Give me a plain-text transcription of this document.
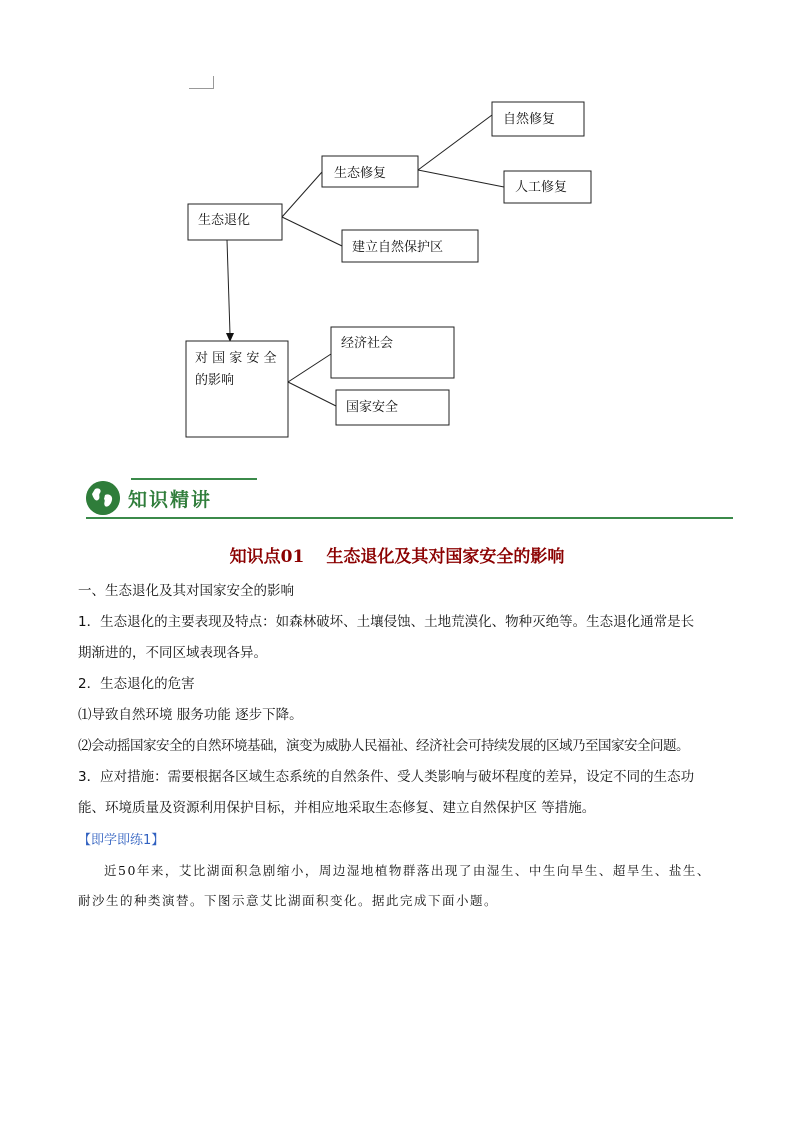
生态退化
生态修复
自然修复
人工修复
建立自然保护区
对 国 家 安 全
的影响
经济社会
国家安全
知识精讲
知识点01 生态退化及其对国家安全的影响

一、生态退化及其对国家安全的影响

1．生态退化的主要表现及特点：如森林破坏、土壤侵蚀、土地荒漠化、物种灭绝等。生态退化通常是长

期渐进的，不同区域表现各异。

2．生态退化的危害

⑴导致自然环境 服务功能 逐步下降。

⑵会动摇国家安全的自然环境基础，演变为威胁人民福祉、经济社会可持续发展的区域乃至国家安全问题。

3．应对措施：需要根据各区域生态系统的自然条件、受人类影响与破坏程度的差异，设定不同的生态功

能、环境质量及资源利用保护目标，并相应地采取生态修复、建立自然保护区 等措施。

【即学即练1】

近50年来，艾比湖面积急剧缩小，周边湿地植物群落出现了由湿生、中生向旱生、超旱生、盐生、

耐沙生的种类演替。下图示意艾比湖面积变化。据此完成下面小题。
